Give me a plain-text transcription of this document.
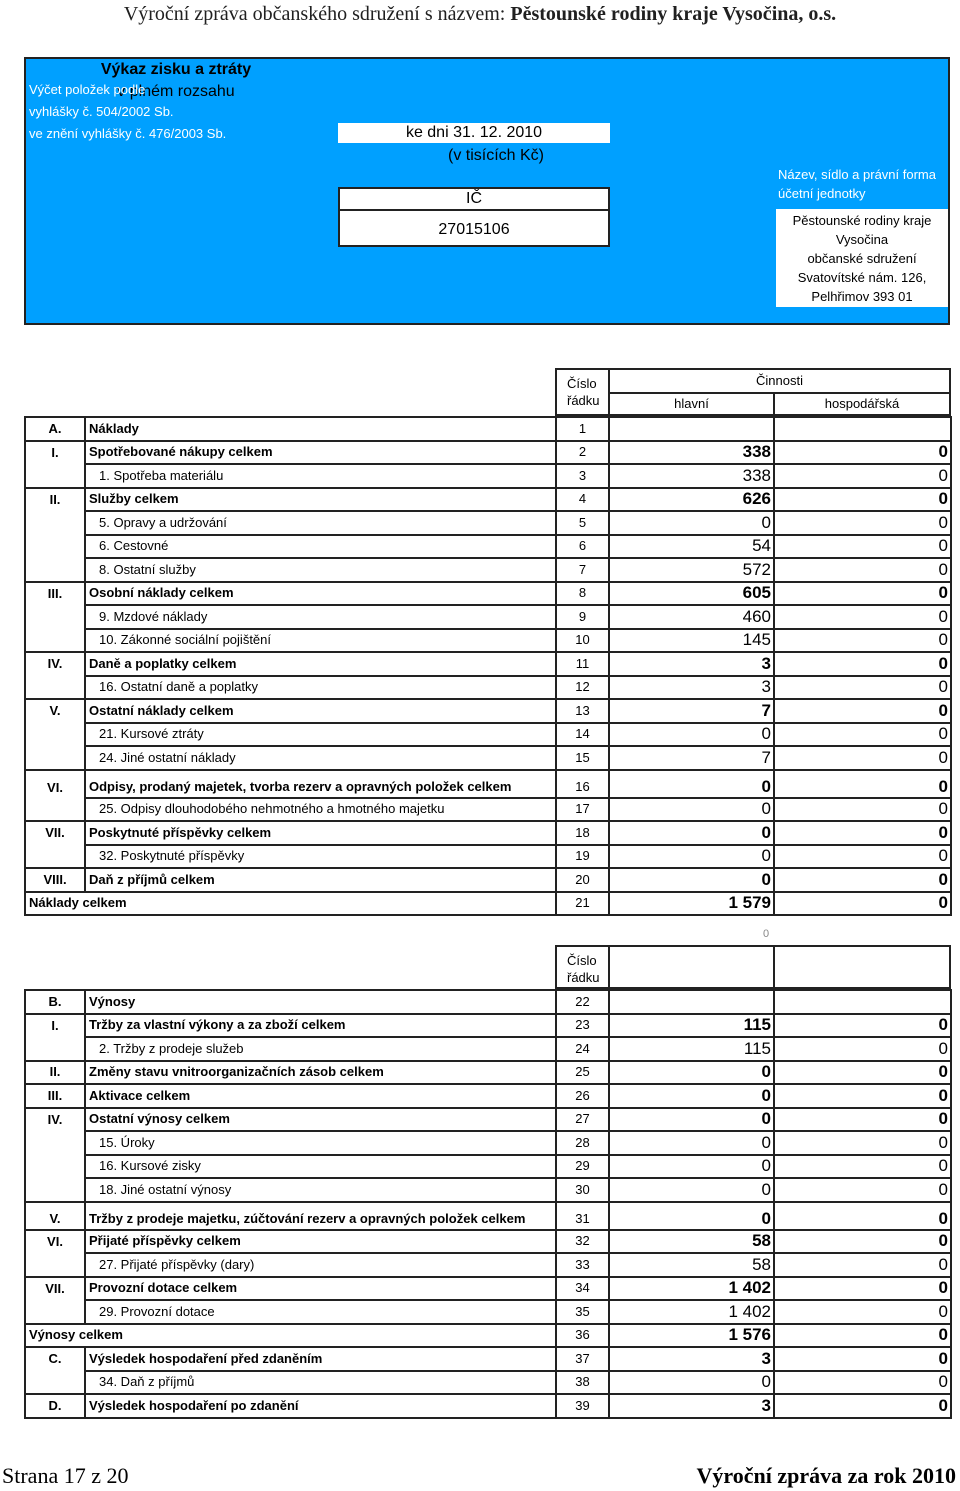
Výroční zpráva občanského sdružení s názvem: Pěstounské rodiny kraje Vysočina, o.s.
Výčet položek podle
vyhlášky č. 504/2002 Sb.
ve znění vyhlášky č. 476/2003 Sb.
Výkaz zisku a ztráty
v plném rozsahu
ke dni 31. 12. 2010
(v tisících Kč)
IČ
27015106
Název, sídlo a právní forma
účetní jednotky
Pěstounské rodiny kraje
Vysočina
občanské sdružení
Svatovítské nám. 126,
Pelhřimov 393 01
Číslo
řádku
Činnosti
hlavní	hospodářská
A.	Náklady	1		
I.	Spotřebované nákupy celkem	2	338	0
	1. Spotřeba materiálu	3	338	0
II.	Služby celkem	4	626	0
	5. Opravy a udržování	5	0	0
	6. Cestovné	6	54	0
	8. Ostatní služby	7	572	0
III.	Osobní náklady celkem	8	605	0
	9. Mzdové náklady	9	460	0
	10. Zákonné sociální pojištění	10	145	0
IV.	Daně a poplatky celkem	11	3	0
	16. Ostatní daně a poplatky	12	3	0
V.	Ostatní náklady celkem	13	7	0
	21. Kursové ztráty	14	0	0
	24. Jiné ostatní náklady	15	7	0
VI.	Odpisy, prodaný majetek, tvorba rezerv a opravných položek celkem	16	0	0
	25. Odpisy dlouhodobého nehmotného a hmotného majetku	17	0	0
VII.	Poskytnuté příspěvky celkem	18	0	0
	32. Poskytnuté příspěvky	19	0	0
VIII.	Daň z příjmů celkem	20	0	0
Náklady celkem		21	1 579	0
0
Číslo
řádku
B.	Výnosy	22		
I.	Tržby za vlastní výkony a za zboží celkem	23	115	0
	2. Tržby z prodeje služeb	24	115	0
II.	Změny stavu vnitroorganizačních zásob celkem	25	0	0
III.	Aktivace celkem	26	0	0
IV.	Ostatní výnosy celkem	27	0	0
	15. Úroky	28	0	0
	16. Kursové zisky	29	0	0
	18. Jiné ostatní výnosy	30	0	0
V.	Tržby z prodeje majetku, zúčtování rezerv a opravných položek celkem	31	0	0
VI.	Přijaté příspěvky celkem	32	58	0
	27. Přijaté příspěvky (dary)	33	58	0
VII.	Provozní dotace celkem	34	1 402	0
	29. Provozní dotace	35	1 402	0
Výnosy celkem		36	1 576	0
C.	Výsledek hospodaření před zdaněním	37	3	0
	34. Daň z příjmů	38	0	0
D.	Výsledek hospodaření po zdanění	39	3	0
Strana 17 z 20	Výroční zpráva za rok 2010
